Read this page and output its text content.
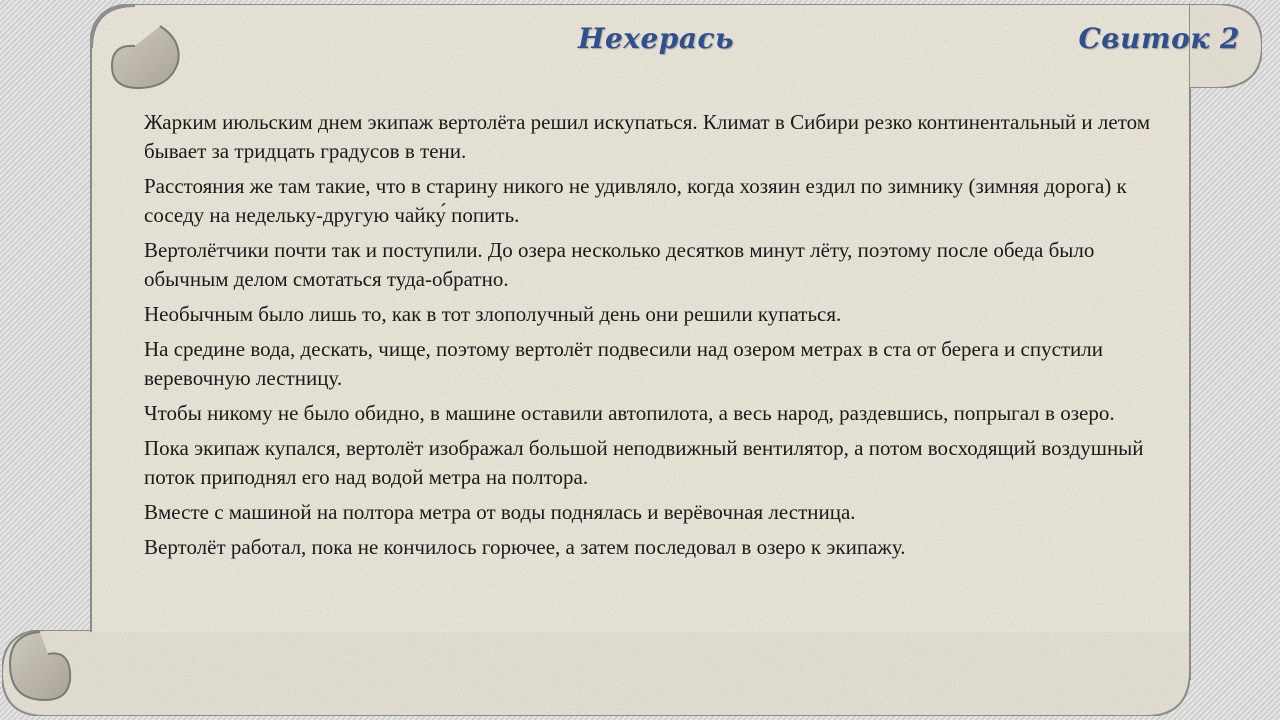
Нехерась	Свиток 2

Жарким июльским днем экипаж вертолёта решил искупаться. Климат в Сибири резко континентальный и летом бывает за тридцать градусов в тени.

Расстояния же там такие, что в старину никого не удивляло, когда хозяин ездил по зимнику (зимняя дорога) к соседу на недельку-другую чайку́ попить.

Вертолётчики почти так и поступили. До озера несколько десятков минут лёту, поэтому после обеда было обычным делом смотаться туда-обратно.

Необычным было лишь то, как в тот злополучный день они решили купаться.

На средине вода, дескать, чище, поэтому вертолёт подвесили над озером метрах в ста от берега и спустили веревочную лестницу.

Чтобы никому не было обидно, в машине оставили автопилота, а весь народ, раздевшись, попрыгал в озеро.

Пока экипаж купался, вертолёт изображал большой неподвижный вентилятор, а потом восходящий воздушный поток приподнял его над водой метра на полтора.

Вместе с машиной на полтора метра от воды поднялась и верёвочная лестница.

Вертолёт работал, пока не кончилось горючее, а затем последовал в озеро к экипажу.
